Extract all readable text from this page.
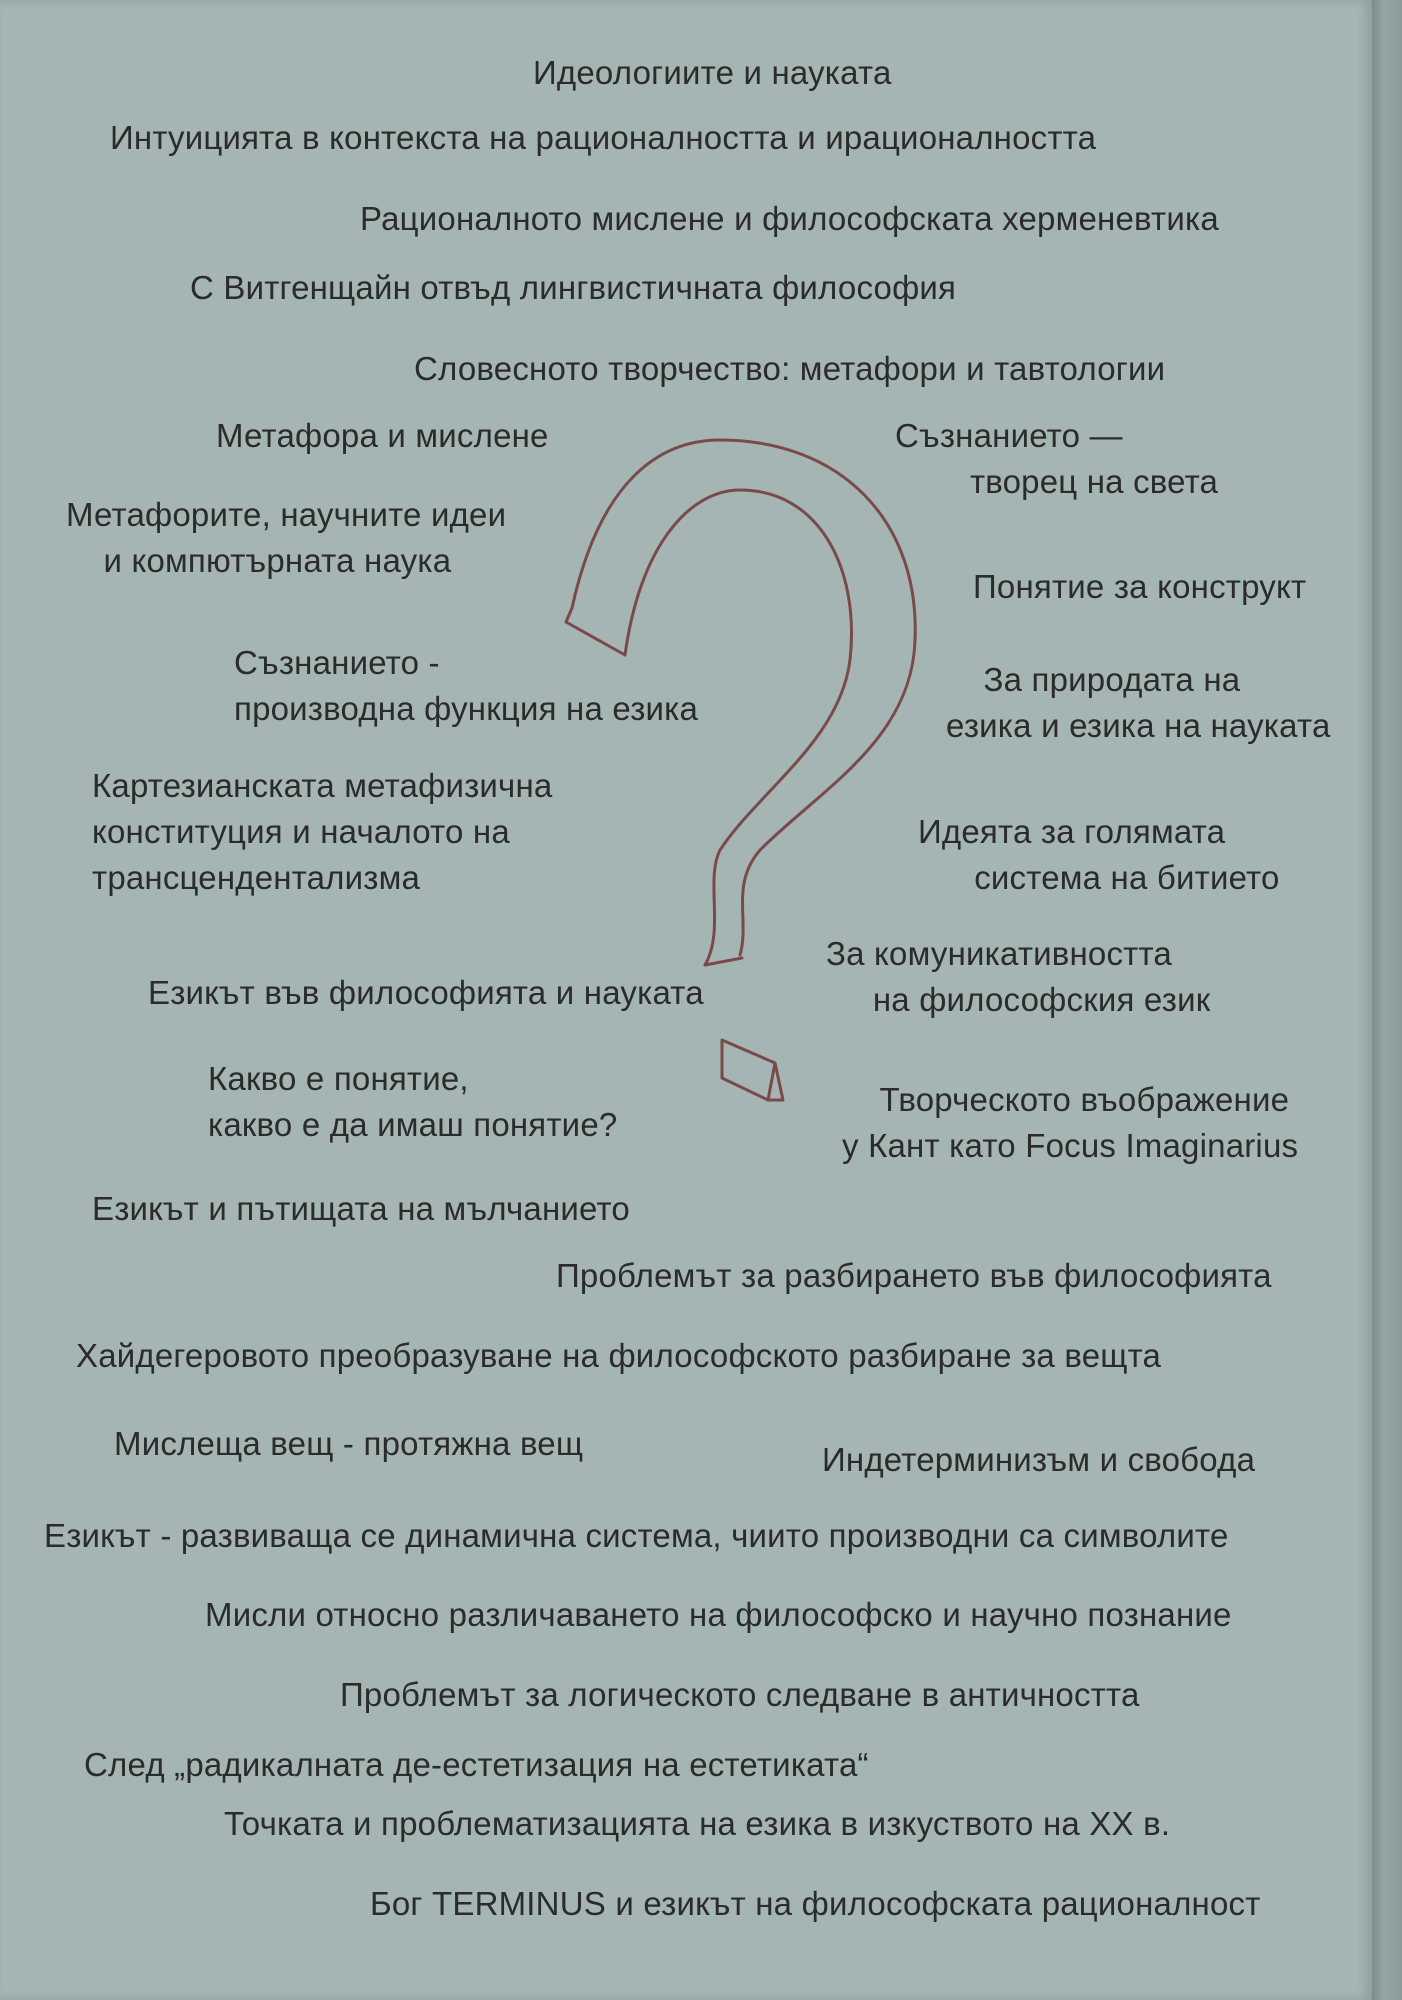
Идеологиите и науката
Интуицията в контекста на рационалността и ирационалността
Рационалното мислене и философската херменевтика
С Витгенщайн отвъд лингвистичната философия
Словесното творчество: метафори и тавтологии
Метафора и мислене	Съзнанието —
творец на света
Метафорите, научните идеи
и компютърната наука
Понятие за конструкт
Съзнанието -
производна функция на езика
За природата на
езика и езика на науката
Картезианската метафизична
конституция и началото на
трансцендентализма
Идеята за голямата
система на битието
За комуникативността
на философския език
Езикът във философията и науката
Какво е понятие,
какво е да имаш понятие?
Творческото въображение
у Кант като Focus Imaginarius
Езикът и пътищата на мълчанието
Проблемът за разбирането във философията
Хайдегеровото преобразуване на философското разбиране за вещта
Мислеща вещ - протяжна вещ	Индетерминизъм и свобода
Езикът - развиваща се динамична система, чиито производни са символите
Мисли относно различаването на философско и научно познание
Проблемът за логическото следване в античността
След „радикалната де-естетизация на естетиката“
Точката и проблематизацията на езика в изкуството на ХХ в.
Бог TERMINUS и езикът на философската рационалност
